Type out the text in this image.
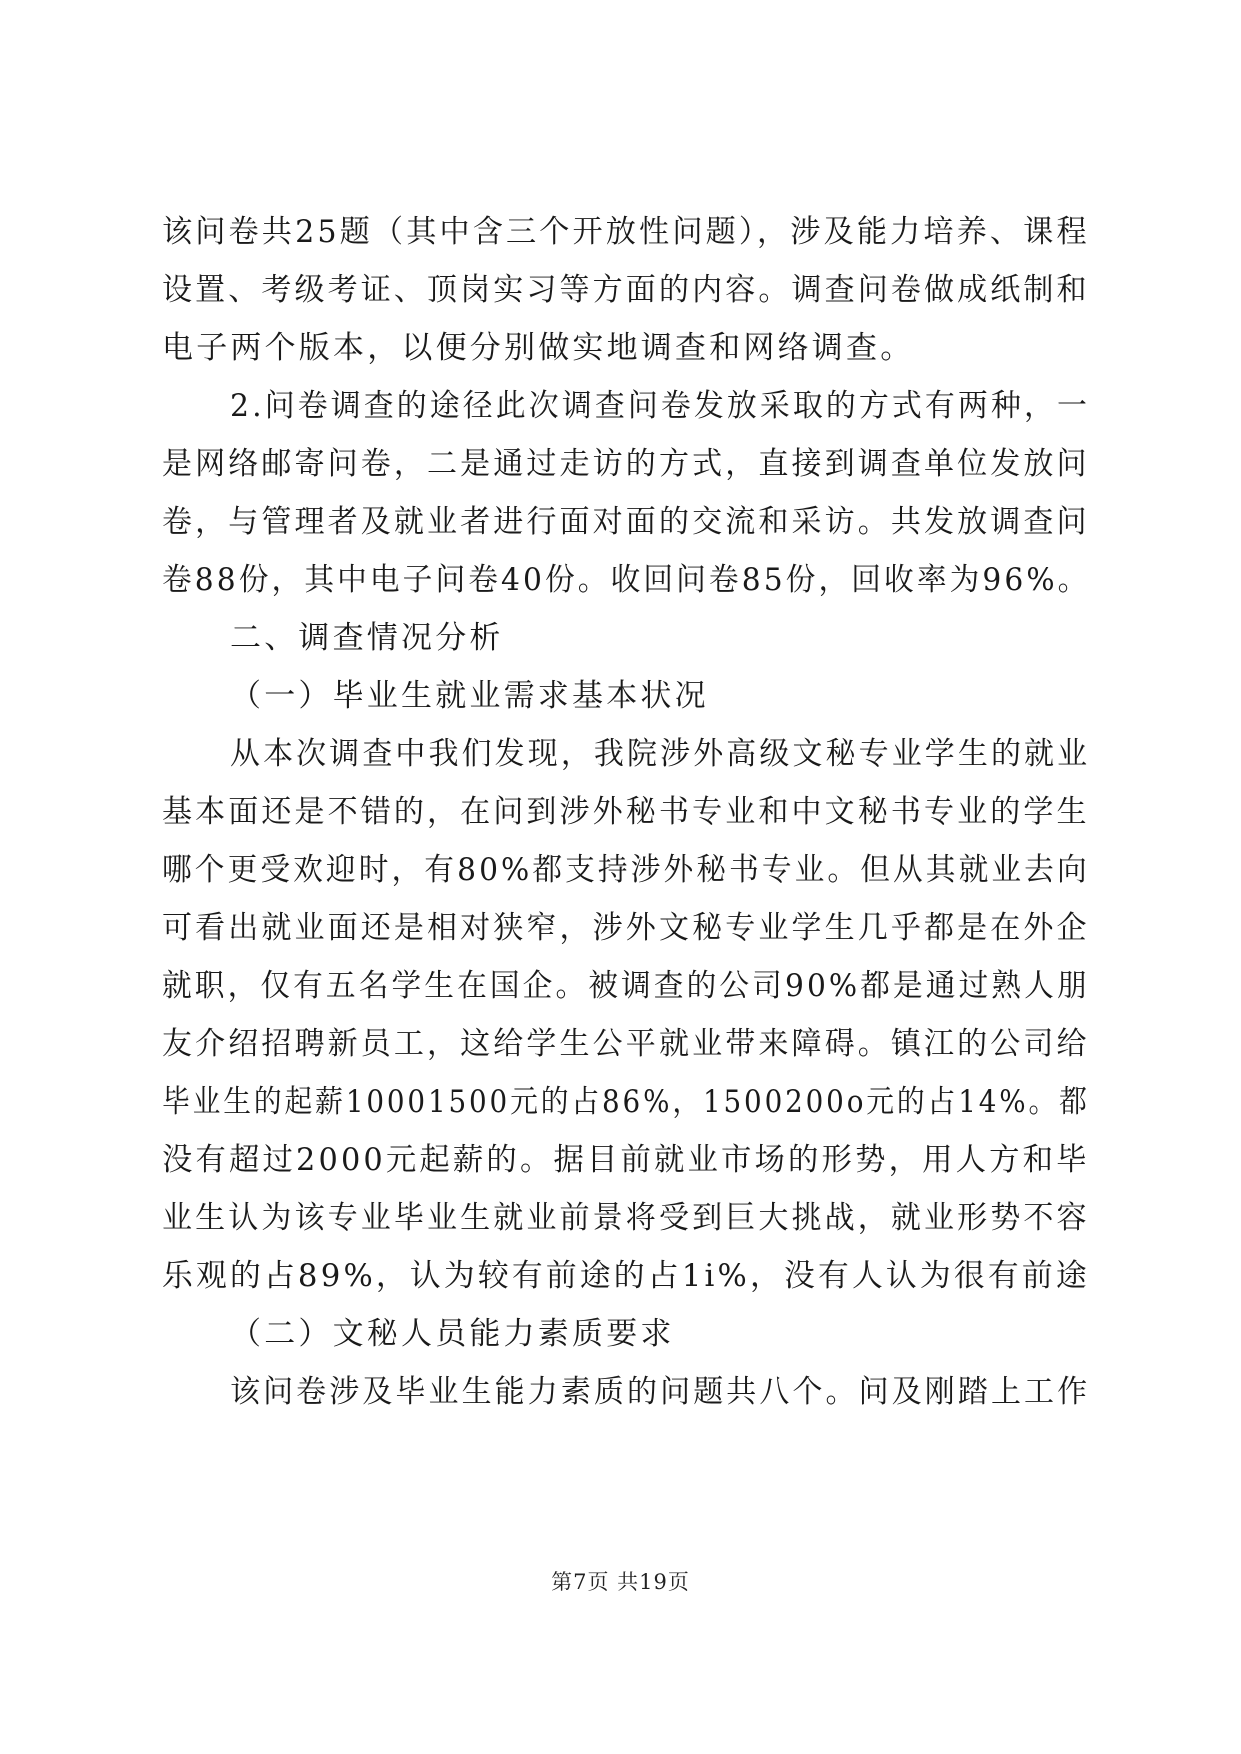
该问卷共25题（其中含三个开放性问题），涉及能力培养、课程
设置、考级考证、顶岗实习等方面的内容。调查问卷做成纸制和
电子两个版本，以便分别做实地调查和网络调查。
2.问卷调查的途径此次调查问卷发放采取的方式有两种，一
是网络邮寄问卷，二是通过走访的方式，直接到调查单位发放问
卷，与管理者及就业者进行面对面的交流和采访。共发放调查问
卷88份，其中电子问卷40份。收回问卷85份，回收率为96%。
二、调查情况分析
（一）毕业生就业需求基本状况
从本次调查中我们发现，我院涉外高级文秘专业学生的就业
基本面还是不错的，在问到涉外秘书专业和中文秘书专业的学生
哪个更受欢迎时，有80%都支持涉外秘书专业。但从其就业去向
可看出就业面还是相对狭窄，涉外文秘专业学生几乎都是在外企
就职，仅有五名学生在国企。被调查的公司90%都是通过熟人朋
友介绍招聘新员工，这给学生公平就业带来障碍。镇江的公司给
毕业生的起薪10001500元的占86%，1500200o元的占14%。都
没有超过2000元起薪的。据目前就业市场的形势，用人方和毕
业生认为该专业毕业生就业前景将受到巨大挑战，就业形势不容
乐观的占89%，认为较有前途的占1i%，没有人认为很有前途
（二）文秘人员能力素质要求
该问卷涉及毕业生能力素质的问题共八个。问及刚踏上工作
第7页 共19页
